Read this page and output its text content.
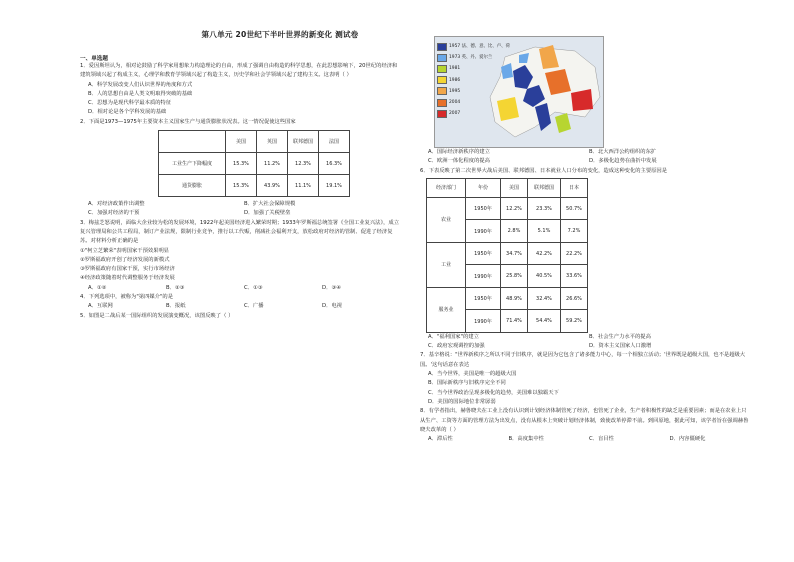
第八单元 20世纪下半叶世界的新变化 测试卷

一、单选题

1．爱因斯坦认为，相对论鼓励了科学家用想象力构造理论的自由，形成了强调自由构造的科学思想，在此思想影响下，20世纪的经济和建筑领域兴起了构成主义，心理学和教育学领域兴起了构造主义，历史学和社会学领域兴起了建构主义。这表明（ ）

A．科学发展改变人们认识世界的角度和方式

B．人的思想自由是人类文明取得突破的基础

C．思想为是现代科学最本质的特征

D．相对论是各个学科发展的基础

2．下面是1973—1975年主要资本主义国家生产与通货膨胀状况表。这一情况促使这些国家

	美国	英国	联邦德国	法国
工业生产下降幅度	15.3%	11.2%	12.3%	16.3%
通货膨胀	15.3%	43.9%	11.1%	19.1%
A．对经济政策作出调整	B．扩大社会保障规模
C．加强对经济的干预	D．加强了关税壁垒

3．梅兹芝怒说明，面临大企业较为松的发展环境，1922年起美国经济进入繁荣时期；1933年罗斯福总统签署《全国工业复兴法》，成立复兴管理局和公共工程局，制订产业法规，限制行业竞争，推行以工代赈，削减社会福利开支，放松政府对经济的管制、促进了经济复苏。对材料分析正确的是

①"柯立芝繁荣"表明国家干预效果明显

②罗斯福政府开创了经济发展的新模式

③罗斯福政府有国家干预，实行市场经济

④经济政策随着时代调整服务于经济发展

A．①②	B．②③	C．①③	D．③④

4．下列选项中，被称为"第四媒介"的是

A．互联网	B．报纸	C．广播	D．电视

5．如图是二战后某一国际组织的发展演变概况，该图反映了（ ）

1957 法、德、意、比、卢、荷
1973 英、丹、爱尔兰
1981
1986
1995
2004
2007
A．国际经济新秩序的建立	B．北大西洋公约组织的东扩
C．欧洲一体化程度的提高	D．多极化趋势在曲折中发展

6．下表反映了第二次世界大战后美国、联邦德国、日本就业人口分布的变化，造成这种变化的主要原因是

经济部门	年份	美国	联邦德国	日本
农业	1950年	12.2%	23.3%	50.7%
	1990年	2.8%	5.1%	7.2%
工业	1950年	34.7%	42.2%	22.2%
	1990年	25.8%	40.5%	33.6%
服务业	1950年	48.9%	32.4%	26.6%
	1990年	71.4%	54.4%	59.2%
A．"福利国家"的建立	B．社会生产力水平的提高
C．政府宏观调控的加强	D．资本主义国家人口激增

7．基辛格说："世界新秩序之所以不同于旧秩序，就是因为它包含了诸多能力中心，每一个相独立活动；'世界既是超级大国，也不是超级大国。'这句话意在表达

A．当今世界，美国是唯一的超级大国

B．国际新秩序与旧秩序完全不同

C．当今世界政治呈现多极化的趋势，美国难以独霸天下

D．美国的国际地位非常孱弱

8．有学者指出，赫鲁晓夫在工业上没有认识到计划经济体制管死了经济，也管死了企业，生产者积极性的缺乏是重要因素；而是在农业上只从生产、工资等方面的管理方法为出发点，没有从根本上突破计划经济体制，致使改革停滞不前。到回原地，据此可知，该学者旨在强调赫鲁晓夫改革的（ ）

A．滞后性	B．高度集中性	C．盲目性	D．内容僵硬化
